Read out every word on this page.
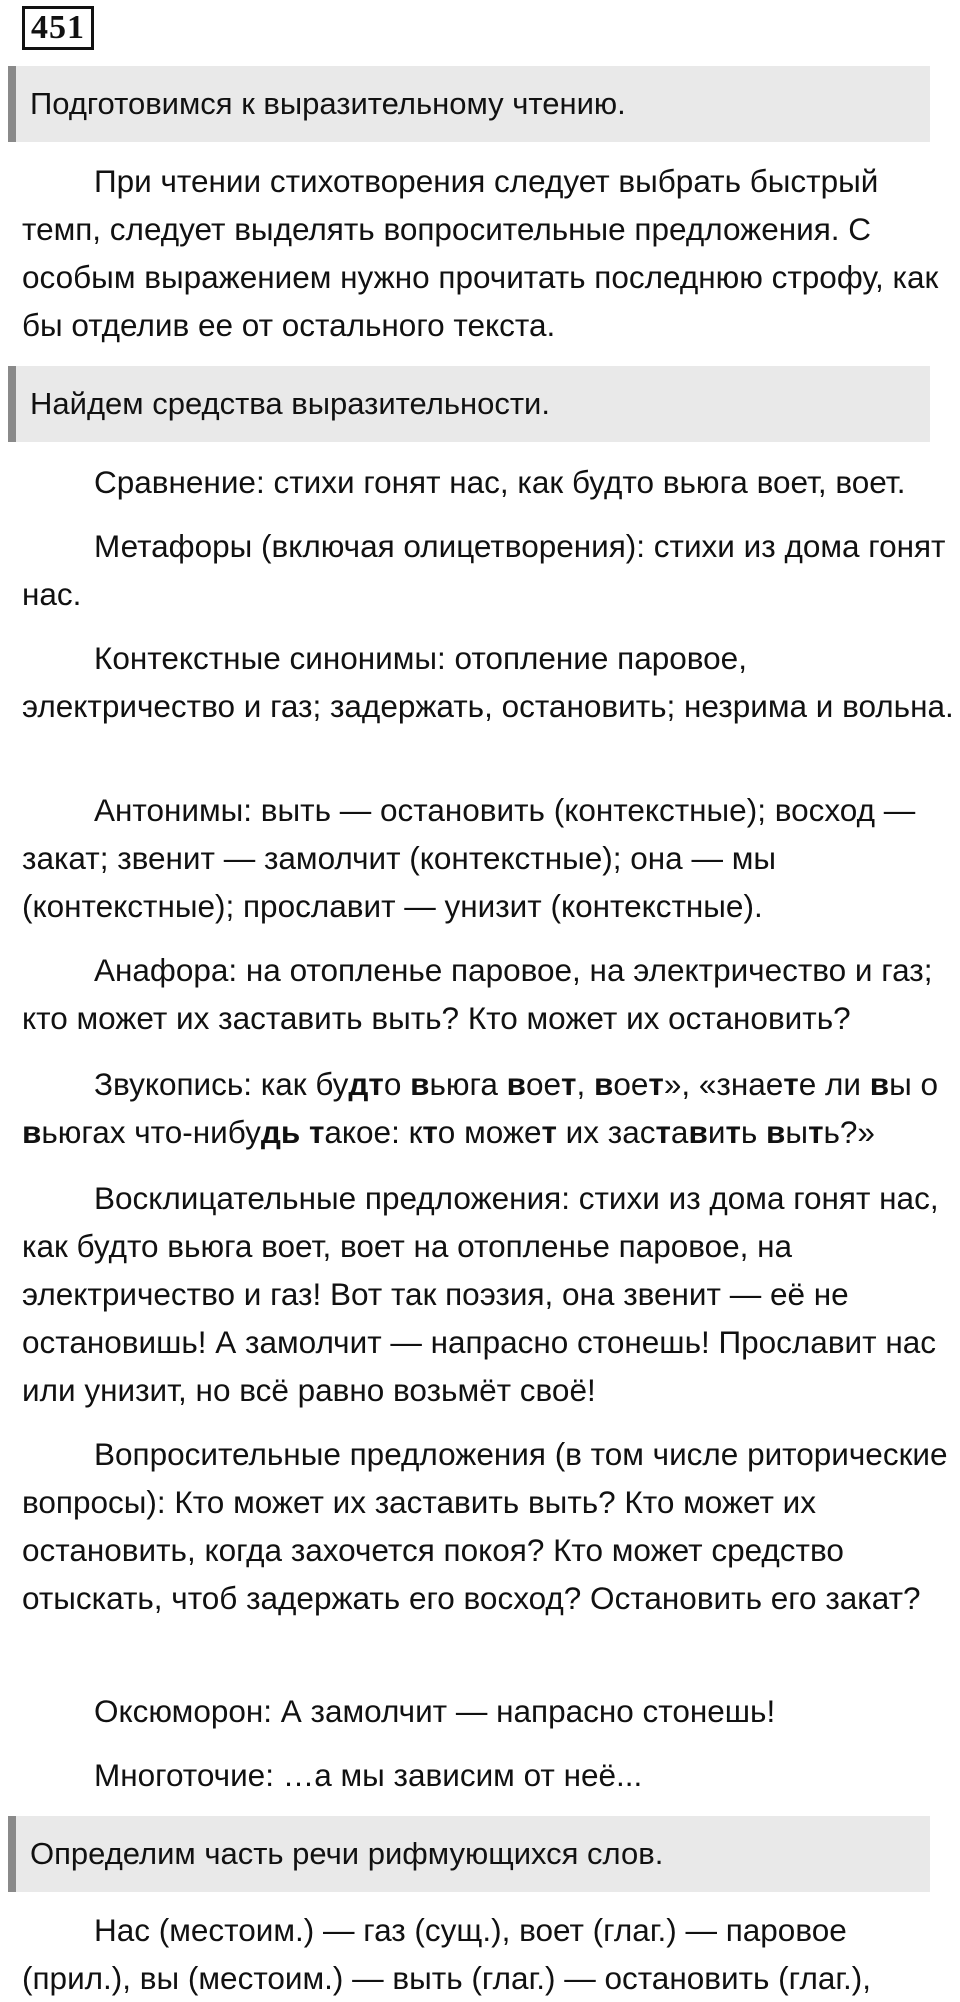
451
Подготовимся к выразительному чтению.

При чтении стихотворения следует выбрать быстрый темп, следует выделять вопросительные предложения. С особым выражением нужно прочитать последнюю строфу, как бы отделив ее от остального текста.

Найдем средства выразительности.

Сравнение: стихи гонят нас, как будто вьюга воет, воет.

Метафоры (включая олицетворения): стихи из дома гонят нас.

Контекстные синонимы: отопление паровое, электричество и газ; задержать, остановить; незрима и вольна.

Антонимы: выть — остановить (контекстные); восход — закат; звенит — замолчит (контекстные); она — мы (контекстные); прославит — унизит (контекстные).

Анафора: на отопленье паровое, на электричество и газ; кто может их заставить выть? Кто может их остановить?

Звукопись: как будто вьюга воет, воет», «знаете ли вы о вьюгах что-нибудь такое: кто может их заставить выть?»

Восклицательные предложения: стихи из дома гонят нас, как будто вьюга воет, воет на отопленье паровое, на электричество и газ! Вот так поэзия, она звенит — её не остановишь! А замолчит — напрасно стонешь! Прославит нас или унизит, но всё равно возьмёт своё!

Вопросительные предложения (в том числе риторические вопросы): Кто может их заставить выть? Кто может их остановить, когда захочется покоя? Кто может средство отыскать, чтоб задержать его восход? Остановить его закат?

Оксюморон: А замолчит — напрасно стонешь!

Многоточие: …а мы зависим от неё...

Определим часть речи рифмующихся слов.

Нас (местоим.) — газ (сущ.), воет (глаг.) — паровое (прил.), вы (местоим.) — выть (глаг.) — остановить (глаг.),
